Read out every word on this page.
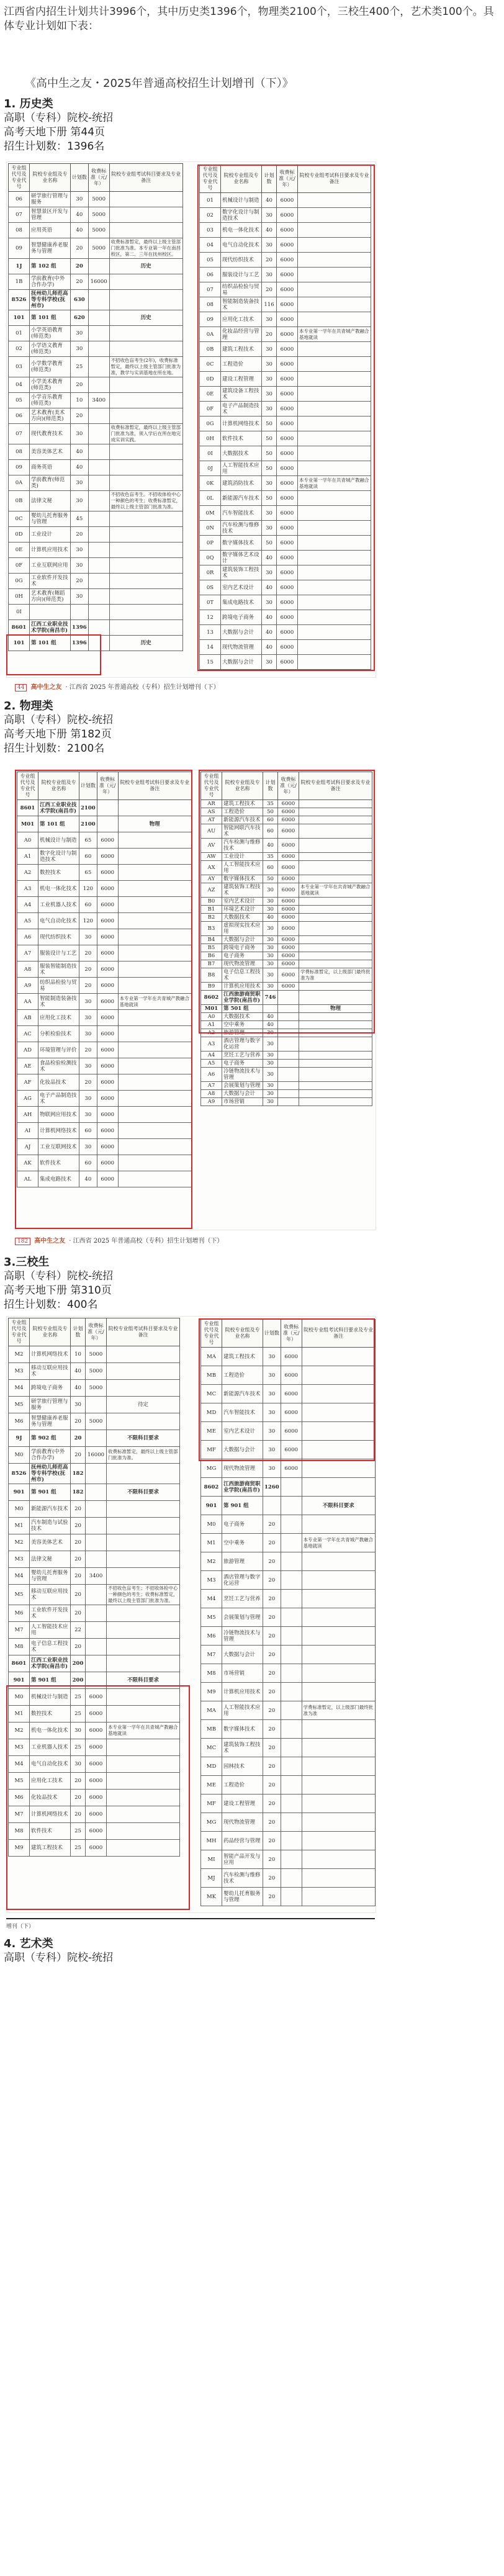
江西省内招生计划共计3996个，其中历史类1396个，物理类2100个，三校生400个，艺术类100个。具体专业计划如下表：
《高中生之友・2025年普通高校招生计划增刊（下）》
1. 历史类
高职（专科）院校-统招
高考天地下册 第44页
招生计划数：1396名
专业组代号及专业代号	院校专业组及专业名称	计划数	收费标准（元/年）	院校专业组考试科目要求及专业备注
06	研学旅行管理与服务	30	5000	
07	智慧景区开发与管理	40	5000	
08	应用英语	40	5000	
09	智慧健康养老服务与管理	20	5000	收费标准暂定，最终以上级主管部门批准为准。本专业第一年在南昌校区，第二、三年在抚州校区。
1J	第 102 组	20		历史
1B	学前教育(中外合作办学)	20	16000	
8526	抚州幼儿师范高等专科学校(抚州市)	630		
101	第 101 组	620		历史
01	小学英语教育(师范类)	30		
02	小学语文教育(师范类)	30		
03	小学数学教育(师范类)	25		不招收色盲考生(2年)，收费标准暂定，最终以上级主管部门批准为准，教学与实训基地在所在地。
04	小学美术教育(师范类)	20		
05	小学音乐教育(师范类)	10	3400	
06	艺术教育(美术方向)(师范类)	20		
07	现代教育技术	30		收费标准暂定，最终以上级主管部门批准为准，须入学后在所在地完成实训实践。
08	美容美体艺术	40		
09	商务英语	40		
0A	学前教育(师范类)	30		
0B	法律文秘	30		不招收色盲考生。不招收体检中心一种颜色的考生；收费标准暂定，最终以上级主管部门批准为准。
0C	婴幼儿托育服务与管理	45		
0D	工业设计	20		
0E	计算机应用技术	30		
0F	工业互联网应用	30		
0G	工业软件开发技术	20		
0H	艺术教育(舞蹈方向)(师范类)	30		
0I				
8601	江西工业职业技术学院(南昌市)	1396		
101	第 101 组	1396		历史
专业组代号及专业代号	院校专业组及专业名称	计划数	收费标准（元/年）	院校专业组考试科目要求及专业备注
01	机械设计与制造	40	6000	
02	数字化设计与制造技术	30	6000	
03	机电一体化技术	40	6000	
04	电气自动化技术	30	6000	
05	现代纺织技术	20	6000	
06	服装设计与工艺	30	6000	
07	纺织品检验与贸易	20	6000	
08	智能制造装备技术	116	6000	
09	应用化工技术	30	6000	
0A	化妆品经营与管理	20	6000	本专业第一学年在共青城产教融合基地就读
0B	建筑工程技术	30	6000	
0C	工程造价	30	6000	
0D	建设工程管理	30	6000	
0E	建筑设备工程技术	30	6000	
0F	电子产品制造技术	30	6000	
0G	计算机网络技术	50	6000	
0H	软件技术	50	6000	
0I	大数据技术	50	6000	
0J	人工智能技术应用	50	6000	
0K	建筑消防技术	30	6000	本专业第一学年在共青城产教融合基地就读
0L	新能源汽车技术	50	6000	
0M	汽车智能技术	30	6000	
0N	汽车检测与维修技术	30	6000	
0P	数字媒体技术	50	6000	
0Q	数字媒体艺术设计	40	6000	
0R	建筑装饰工程技术	30	6000	
0S	室内艺术设计	40	6000	
0T	集成电路技术	30	6000	
12	跨境电子商务	40	6000	
13	大数据与会计	40	6000	
14	现代物流管理	40	6000	
15	大数据与会计	30	6000	
44 高中生之友 · 江西省 2025 年普通高校（专科）招生计划增刊（下）
2. 物理类
高职（专科）院校-统招
高考天地下册 第182页
招生计划数：2100名
专业组代号及专业代号	院校专业组及专业名称	计划数	收费标准（元/年）	院校专业组考试科目要求及专业备注
8601	江西工业职业技术学院(南昌市)	2100		
M01	第 101 组	2100		物理
A0	机械设计与制造	65	6000	
A1	数字化设计与制造技术	60	6000	
A2	数控技术	65	6000	
A3	机电一体化技术	120	6000	
A4	工业机器人技术	60	6000	
A5	电气自动化技术	120	6000	
A6	现代纺织技术	30	6000	
A7	服装设计与工艺	20	6000	
A8	服装智能制造技术	20	6000	
A9	纺织品检验与贸易	20	6000	
AA	智能制造装备技术	30	6000	本专业第一学年在共青城产教融合基地就读
AB	应用化工技术	30	6000	
AC	分析检验技术	30	6000	
AD	环境管理与评价	20	6000	
AE	食品检验检测技术	30	6000	
AF	化妆品技术	20	6000	
AG	电子产品制造技术	30	6000	
AH	物联网应用技术	30	6000	
AI	计算机网络技术	60	6000	
AJ	工业互联网技术	30	6000	
AK	软件技术	60	6000	
AL	集成电路技术	40	6000	
专业组代号及专业代号	院校专业组及专业名称	计划数	收费标准（元/年）	院校专业组考试科目要求及专业备注
AR	建筑工程技术	35	6000	
AS	工程造价	50	6000	
AT	新能源汽车技术	60	6000	
AU	智能网联汽车技术	60	6000	
AV	汽车检测与维修技术	40	6000	
AW	工业设计	35	6000	
AX	人工智能技术应用	60	6000	
AY	数字媒体技术	50	6000	
AZ	建筑装饰工程技术	30	6000	本专业第一学年在共青城产教融合基地就读
B0	室内艺术设计	30	6000	
B1	环境艺术设计	30	6000	
B2	大数据技术	40	6000	
B3	虚拟现实技术应用	30	6000	
B4	大数据与会计	30	6000	
B5	跨境电子商务	30	6000	
B6	电子商务	30	6000	
B7	现代物流管理	30	6000	
B8	电子信息工程技术	30	6000	学费标准暂定，以上级部门最终批准为准
B9	计算机应用技术	30	6000	
8602	江西旅游商贸职业学院(南昌市)	746		
M01	第 501 组			物理
A0	大数据技术	40		
A1	空中乘务	40		
A2	旅游管理	30		
A3	酒店管理与数字化运营	30		
A4	烹饪工艺与营养	30		
A5	电子商务	30		
A6	冷链物流技术与管理	30		
A7	会展策划与管理	30		
A8	大数据与会计	30		
A9	市场营销	30		
182 高中生之友 · 江西省 2025 年普通高校（专科）招生计划增刊（下）
3.三校生
高职（专科）院校-统招
高考天地下册 第310页
招生计划数：400名
专业组代号及专业代号	院校专业组及专业名称	计划数	收费标准（元/年）	院校专业组考试科目要求及专业备注
M2	计算机网络技术	10	5000	
M3	移动互联应用技术	40	5000	
M4	跨境电子商务	40	5000	
M5	研学旅行管理与服务	30		待定
M6	智慧健康养老服务与管理	20	5000	
9J	第 902 组	20		不限科目要求
M0	学前教育(中外合作办学)	20	16000	收费标准暂定，最终以上级主管部门批准为准。
8526	抚州幼儿师范高等专科学校(抚州市)	182		
901	第 901 组	182		不限科目要求
M0	新能源汽车技术	20		
M1	汽车制造与试验技术	20		
M2	美容美体艺术	20		
M3	法律文秘	20		
M4	婴幼儿托育服务与管理	20	3400	
M5	移动互联应用技术	20		不招收色盲考生；不招收体检中心一种颜色的考生；收费标准暂定，最终以上级主管部门批准为准。
M6	工业软件开发技术	20		
M7	人工智能技术应用	22		
M8	电子信息工程技术	20		
8601	江西工业职业技术学院(南昌市)	200		
901	第 901 组	200		不限科目要求
M0	机械设计与制造	25	6000	
M1	数控技术	25	6000	
M2	机电一体化技术	30	6000	本专业第一学年在共青城产教融合基地就读
M3	工业机器人技术	25	6000	
M4	电气自动化技术	30	6000	
M5	应用化工技术	20	6000	
M6	化妆品技术	20	6000	
M7	计算机网络技术	20	6000	
M8	软件技术	25	6000	
M9	建筑工程技术	25	6000	
专业组代号及专业代号	院校专业组及专业名称	计划数	收费标准（元/年）	院校专业组考试科目要求及专业备注
MA	建筑工程技术	30	6000	
MB	工程造价	30	6000	
MC	新能源汽车技术	30	6000	
MD	汽车智能技术	30	6000	
ME	室内艺术设计	30	6000	
MF	大数据与会计	30	6000	
MG	现代物流管理	30	6000	
8602	江西旅游商贸职业学院(南昌市)	1260		
901	第 901 组			不限科目要求
M0	电子商务	20		
M1	空中乘务	20		本专业第一学年在共青城产教融合基地就读
M2	旅游管理	20		
M3	酒店管理与数字化运营	20		
M4	烹饪工艺与营养	20		
M5	会展策划与管理	20		
M6	冷链物流技术与管理	20		
M7	大数据与会计	20		
M8	市场营销	20		
M9	计算机应用技术	20		
MA	人工智能技术应用	20		学费标准暂定，以上级部门最终批准为准
MB	数字媒体技术	20		
MC	建筑装饰工程技术	20		
MD	园林技术	20		
ME	工程造价	20		
MF	建设工程管理	20		
MG	现代物流管理	20		
MH	药品经营与管理	20		
MI	智能产品开发与应用	20		
MJ	汽车检测与维修技术	20		
MK	婴幼儿托育服务与管理	20		
增刊（下）
4. 艺术类
高职（专科）院校-统招
